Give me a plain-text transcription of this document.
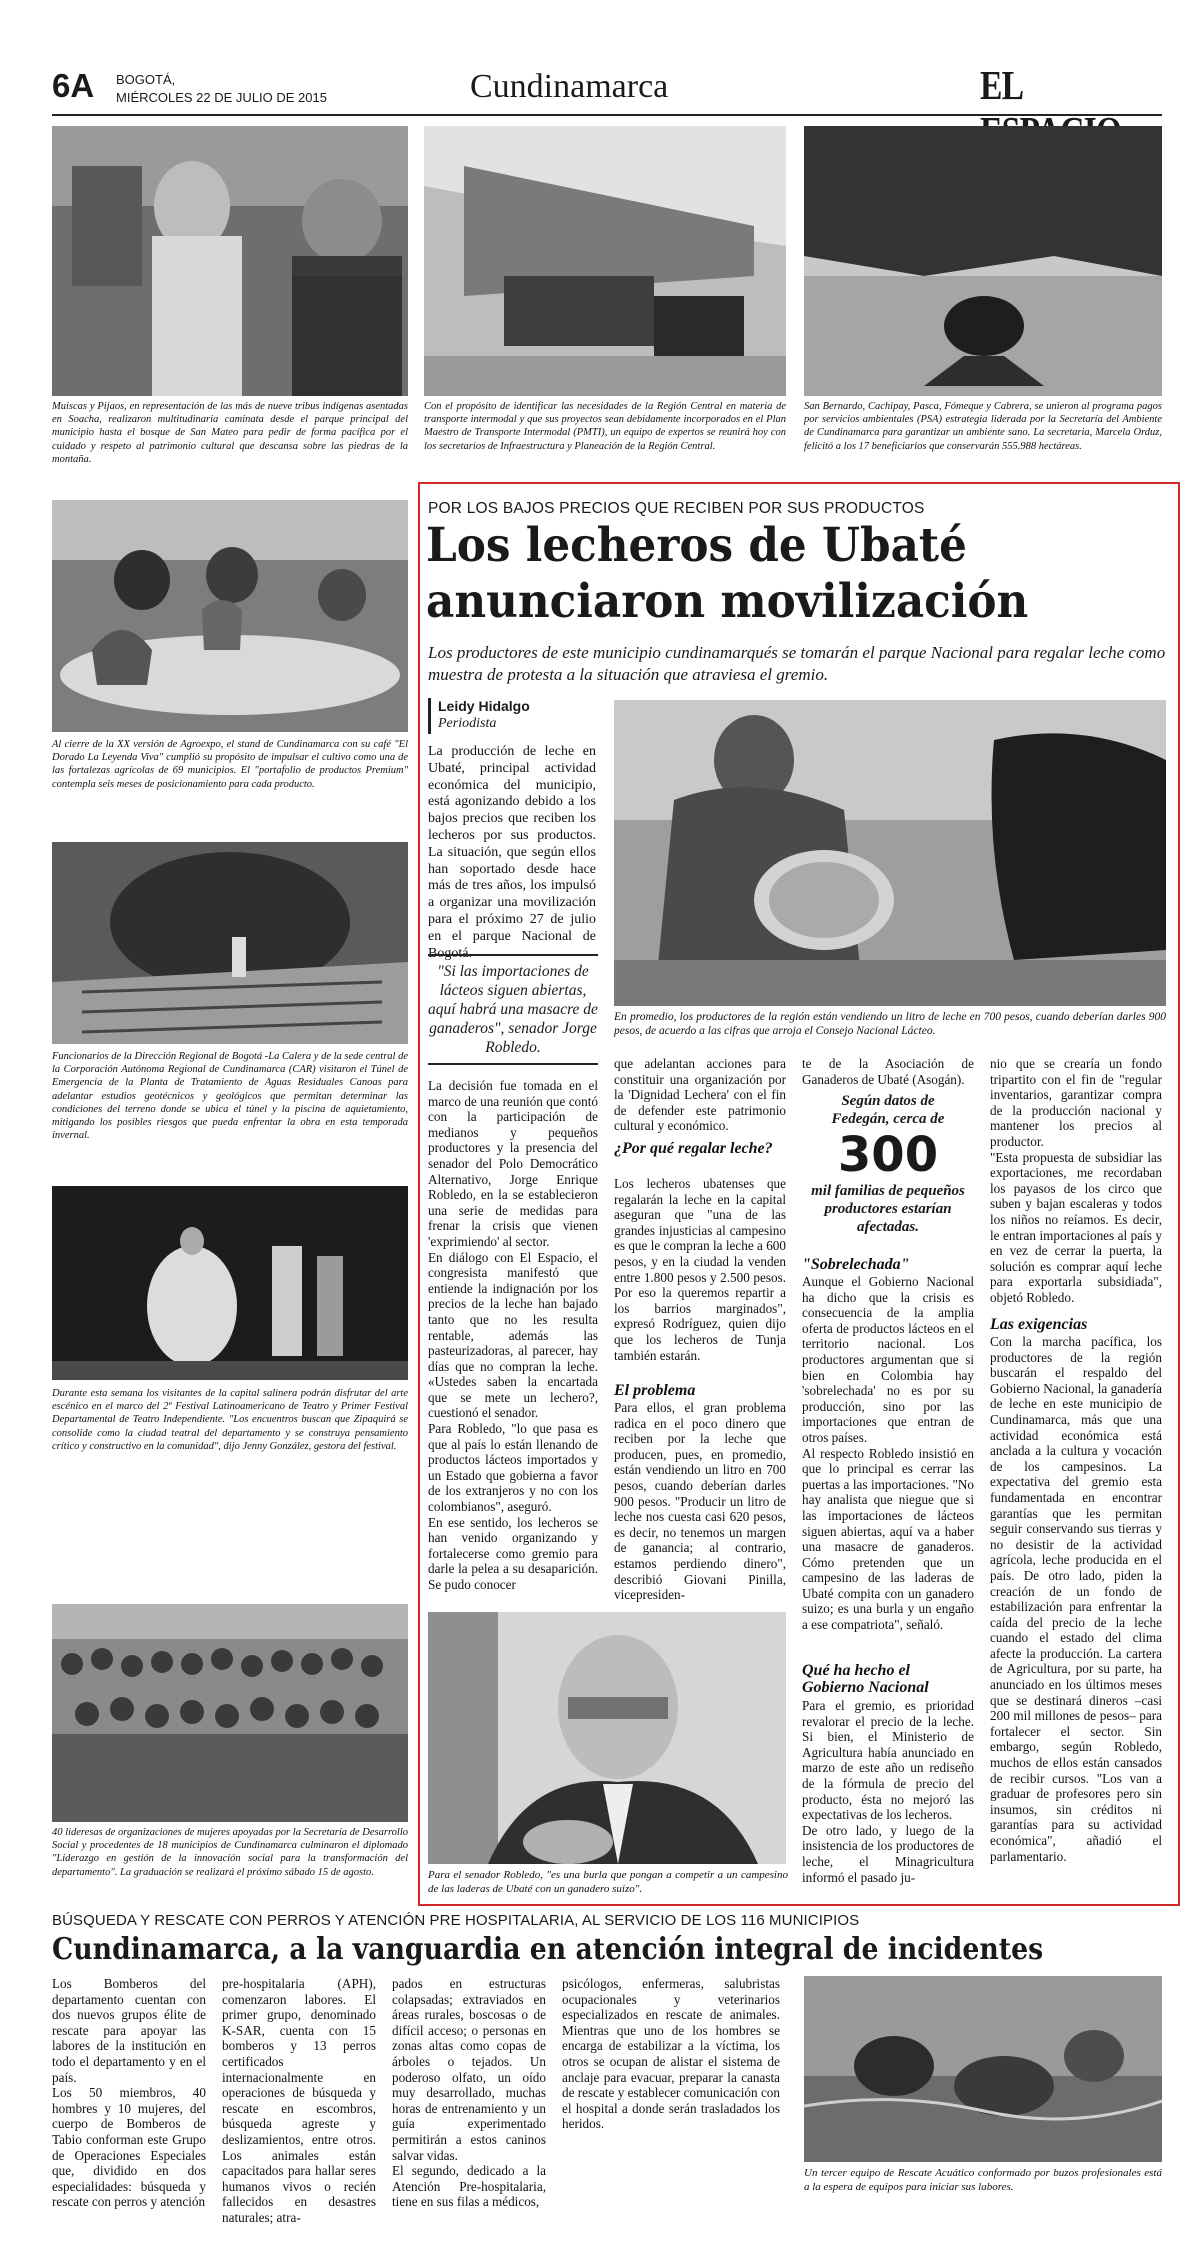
6A BOGOTÁ,
MIÉRCOLES 22 DE JULIO DE 2015	Cundinamarca	EL
Muiscas y Pijaos, en representación de las más de nueve tribus indígenas asentadas en Soacha, realizaron multitudinaria caminata desde el parque principal del municipio hasta el bosque de San Mateo para pedir de forma pacífica por el cuidado y respeto al patrimonio cultural que descansa sobre las piedras de la montaña.
Con el propósito de identificar las necesidades de la Región Central en materia de transporte intermodal y que sus proyectos sean debidamente incorporados en el Plan Maestro de Transporte Intermodal (PMTI), un equipo de expertos se reunirá hoy con los secretarios de Infraestructura y Planeación de la Región Central.
San Bernardo, Cachipay, Pasca, Fómeque y Cabrera, se unieron al programa pagos por servicios ambientales (PSA) estrategia liderada por la Secretaría del Ambiente de Cundinamarca para garantizar un ambiente sano. La secretaria, Marcela Orduz, felicitó a los 17 beneficiarios que conservarán 555.988 hectáreas.
Al cierre de la XX versión de Agroexpo, el stand de Cundinamarca con su café "El Dorado La Leyenda Viva" cumplió su propósito de impulsar el cultivo como una de las fortalezas agrícolas de 69 municipios. El "portafolio de productos Premium" contempla seis meses de posicionamiento para cada producto.
Funcionarios de la Dirección Regional de Bogotá -La Calera y de la sede central de la Corporación Autónoma Regional de Cundinamarca (CAR) visitaron el Túnel de Emergencia de la Planta de Tratamiento de Aguas Residuales Canoas para adelantar estudios geotécnicos y geológicos que permitan determinar las condiciones del terreno donde se ubica el túnel y la piscina de aquietamiento, mitigando los posibles riesgos que pueda enfrentar la obra en esta temporada invernal.
Durante esta semana los visitantes de la capital salinera podrán disfrutar del arte escénico en el marco del 2º Festival Latinoamericano de Teatro y Primer Festival Departamental de Teatro Independiente. "Los encuentros buscan que Zipaquirá se consolide como la ciudad teatral del departamento y se construya pensamiento crítico y constructivo en la comunidad", dijo Jenny González, gestora del festival.
40 lideresas de organizaciones de mujeres apoyadas por la Secretaría de Desarrollo Social y procedentes de 18 municipios de Cundinamarca culminaron el diplomado "Liderazgo en gestión de la innovación social para la transformación del departamento". La graduación se realizará el próximo sábado 15 de agosto.
POR LOS BAJOS PRECIOS QUE RECIBEN POR SUS PRODUCTOS
Los lecheros de Ubaté
anunciaron movilización
Los productores de este municipio cundinamarqués se tomarán el parque Nacional para regalar leche como muestra de protesta a la situación que atraviesa el gremio.
Leidy Hidalgo
Periodista
La producción de leche en Ubaté, principal actividad económica del municipio, está agonizando debido a los bajos precios que reciben los lecheros por sus productos. La situación, que según ellos han soportado desde hace más de tres años, los impulsó a organizar una movilización para el próximo 27 de julio en el parque Nacional de Bogotá.
"Si las importaciones de lácteos siguen abiertas, aquí habrá una masacre de ganaderos", senador Jorge Robledo.
En promedio, los productores de la región están vendiendo un litro de leche en 700 pesos, cuando deberían darles 900 pesos, de acuerdo a las cifras que arroja el Consejo Nacional Lácteo.
La decisión fue tomada en el marco de una reunión que contó con la participación de medianos y pequeños productores y la presencia del senador del Polo Democrático Alternativo, Jorge Enrique Robledo, en la se establecieron una serie de medidas para frenar la crisis que vienen 'exprimiendo' al sector.
En diálogo con El Espacio, el congresista manifestó que entiende la indignación por los precios de la leche han bajado tanto que no les resulta rentable, además las pasteurizadoras, al parecer, hay días que no compran la leche. «Ustedes saben la encartada que se mete un lechero?, cuestionó el senador.
Para Robledo, "lo que pasa es que al país lo están llenando de productos lácteos importados y un Estado que gobierna a favor de los extranjeros y no con los colombianos", aseguró.
En ese sentido, los lecheros se han venido organizando y fortalecerse como gremio para darle la pelea a su desaparición. Se pudo conocer
que adelantan acciones para constituir una organización por la 'Dignidad Lechera' con el fin de defender este patrimonio cultural y económico.
¿Por qué regalar leche?
Los lecheros ubatenses que regalarán la leche en la capital aseguran que "una de las grandes injusticias al campesino es que le compran la leche a 600 pesos, y en la ciudad la venden entre 1.800 pesos y 2.500 pesos. Por eso la queremos repartir a los barrios marginados", expresó Rodríguez, quien dijo que los lecheros de Tunja también estarán.
El problema
Para ellos, el gran problema radica en el poco dinero que reciben por la leche que producen, pues, en promedio, están vendiendo un litro en 700 pesos, cuando deberían darles 900 pesos. "Producir un litro de leche nos cuesta casi 620 pesos, es decir, no tenemos un margen de ganancia; al contrario, estamos perdiendo dinero", describió Giovani Pinilla, vicepresiden-
te de la Asociación de Ganaderos de Ubaté (Asogán).
Según datos de Fedegán, cerca de
300
mil familias de pequeños productores estarían afectadas.
"Sobrelechada"
Aunque el Gobierno Nacional ha dicho que la crisis es consecuencia de la amplia oferta de productos lácteos en el territorio nacional. Los productores argumentan que si bien en Colombia hay 'sobrelechada' no es por su producción, sino por las importaciones que entran de otros países.
Al respecto Robledo insistió en que lo principal es cerrar las puertas a las importaciones. "No hay analista que niegue que si las importaciones de lácteos siguen abiertas, aquí va a haber una masacre de ganaderos. Cómo pretenden que un campesino de las laderas de Ubaté compita con un ganadero suizo; es una burla y un engaño a ese compatriota", señaló.
Qué ha hecho el Gobierno Nacional
Para el gremio, es prioridad revalorar el precio de la leche. Si bien, el Ministerio de Agricultura había anunciado en marzo de este año un rediseño de la fórmula de precio del producto, ésta no mejoró las expectativas de los lecheros.
De otro lado, y luego de la insistencia de los productores de leche, el Minagricultura informó el pasado ju-
nio que se crearía un fondo tripartito con el fin de "regular inventarios, garantizar compra de la producción nacional y mantener los precios al productor.
"Esta propuesta de subsidiar las exportaciones, me recordaban los payasos de los circo que suben y bajan escaleras y todos los niños no reíamos. Es decir, le entran importaciones al país y en vez de cerrar la puerta, la solución es comprar aquí leche para exportarla subsidiada", objetó Robledo.
Las exigencias
Con la marcha pacífica, los productores de la región buscarán el respaldo del Gobierno Nacional, la ganadería de leche en este municipio de Cundinamarca, más que una actividad económica está anclada a la cultura y vocación de los campesinos. La expectativa del gremio esta fundamentada en encontrar garantías que les permitan seguir conservando sus tierras y no desistir de la actividad agrícola, leche producida en el país. De otro lado, piden la creación de un fondo de estabilización para enfrentar la caída del precio de la leche cuando el estado del clima afecte la producción. La cartera de Agricultura, por su parte, ha anunciado en los últimos meses que se destinará dineros –casi 200 mil millones de pesos– para fortalecer el sector. Sin embargo, según Robledo, muchos de ellos están cansados de recibir cursos. "Los van a graduar de profesores pero sin insumos, sin créditos ni garantías para su actividad económica", añadió el parlamentario.
Para el senador Robledo, "es una burla que pongan a competir a un campesino de las laderas de Ubaté con un ganadero suizo".
BÚSQUEDA Y RESCATE CON PERROS Y ATENCIÓN PRE HOSPITALARIA, AL SERVICIO DE LOS 116 MUNICIPIOS
Cundinamarca, a la vanguardia en atención integral de incidentes
Los Bomberos del departamento cuentan con dos nuevos grupos élite de rescate para apoyar las labores de la institución en todo el departamento y en el país.
Los 50 miembros, 40 hombres y 10 mujeres, del cuerpo de Bomberos de Tabio conforman este Grupo de Operaciones Especiales que, dividido en dos especialidades: búsqueda y rescate con perros y atención
pre-hospitalaria (APH), comenzaron labores. El primer grupo, denominado K-SAR, cuenta con 15 bomberos y 13 perros certificados internacionalmente en operaciones de búsqueda y rescate en escombros, búsqueda agreste y deslizamientos, entre otros. Los animales están capacitados para hallar seres humanos vivos o recién fallecidos en desastres naturales; atra-
pados en estructuras colapsadas; extraviados en áreas rurales, boscosas o de difícil acceso; o personas en zonas altas como copas de árboles o tejados. Un poderoso olfato, un oído muy desarrollado, muchas horas de entrenamiento y un guía experimentado permitirán a estos caninos salvar vidas.
El segundo, dedicado a la Atención Pre-hospitalaria, tiene en sus filas a médicos,
psicólogos, enfermeras, salubristas ocupacionales y veterinarios especializados en rescate de animales. Mientras que uno de los hombres se encarga de estabilizar a la víctima, los otros se ocupan de alistar el sistema de anclaje para evacuar, preparar la canasta de rescate y establecer comunicación con el hospital a donde serán trasladados los heridos.
Un tercer equipo de Rescate Acuático conformado por buzos profesionales está a la espera de equipos para iniciar sus labores.
